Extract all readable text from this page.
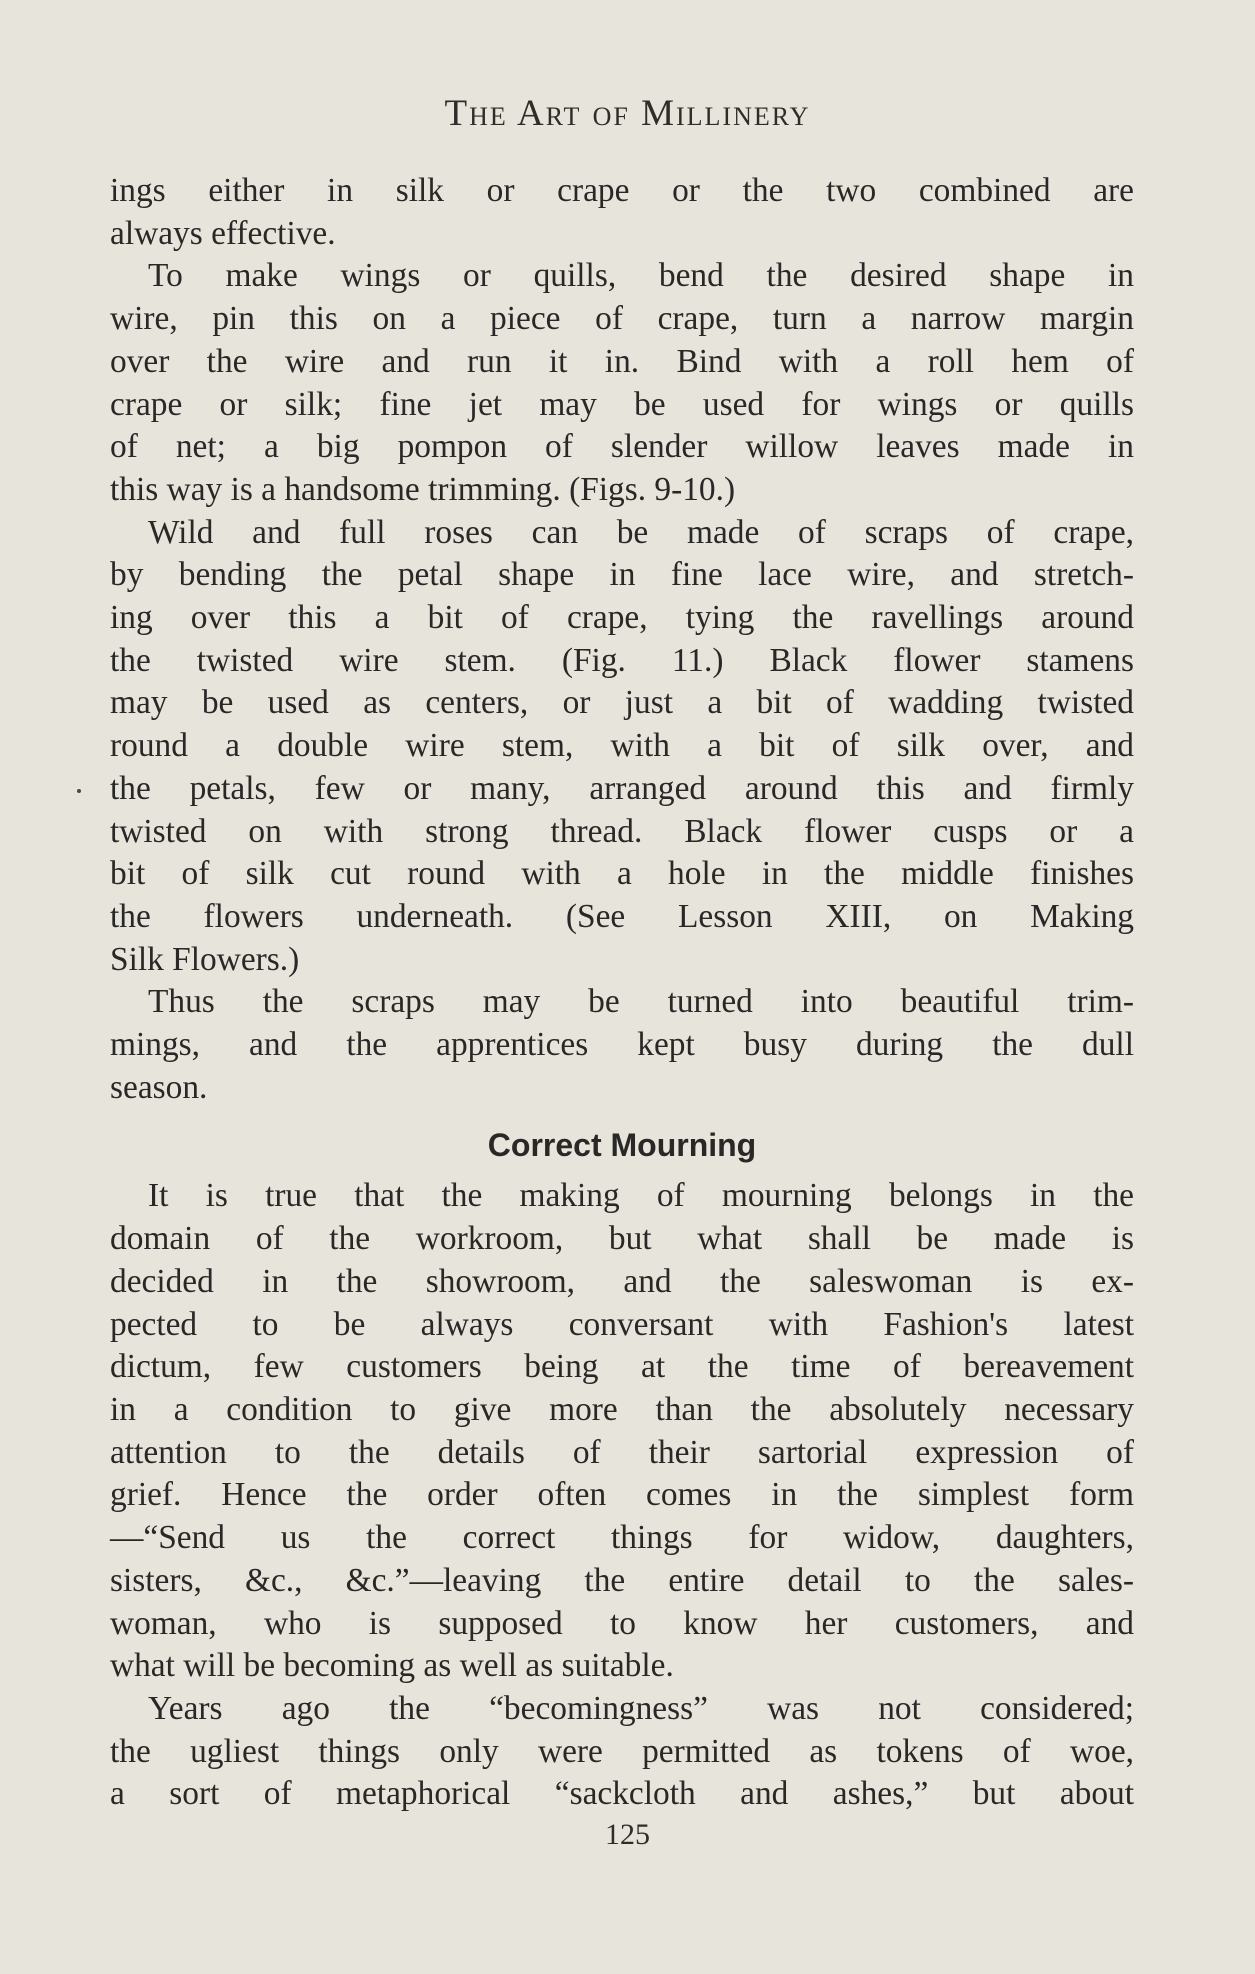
The Art of Millinery
ings either in silk or crape or the two combined are
always effective.
To make wings or quills, bend the desired shape in
wire, pin this on a piece of crape, turn a narrow margin
over the wire and run it in. Bind with a roll hem of
crape or silk; fine jet may be used for wings or quills
of net; a big pompon of slender willow leaves made in
this way is a handsome trimming. (Figs. 9-10.)
Wild and full roses can be made of scraps of crape,
by bending the petal shape in fine lace wire, and stretch-
ing over this a bit of crape, tying the ravellings around
the twisted wire stem. (Fig. 11.) Black flower stamens
may be used as centers, or just a bit of wadding twisted
round a double wire stem, with a bit of silk over, and
the petals, few or many, arranged around this and firmly
twisted on with strong thread. Black flower cusps or a
bit of silk cut round with a hole in the middle finishes
the flowers underneath. (See Lesson XIII, on Making
Silk Flowers.)
Thus the scraps may be turned into beautiful trim-
mings, and the apprentices kept busy during the dull
season.
Correct Mourning
It is true that the making of mourning belongs in the
domain of the workroom, but what shall be made is
decided in the showroom, and the saleswoman is ex-
pected to be always conversant with Fashion's latest
dictum, few customers being at the time of bereavement
in a condition to give more than the absolutely necessary
attention to the details of their sartorial expression of
grief. Hence the order often comes in the simplest form
—“Send us the correct things for widow, daughters,
sisters, &c., &c.”—leaving the entire detail to the sales-
woman, who is supposed to know her customers, and
what will be becoming as well as suitable.
Years ago the “becomingness” was not considered;
the ugliest things only were permitted as tokens of woe,
a sort of metaphorical “sackcloth and ashes,” but about
125
